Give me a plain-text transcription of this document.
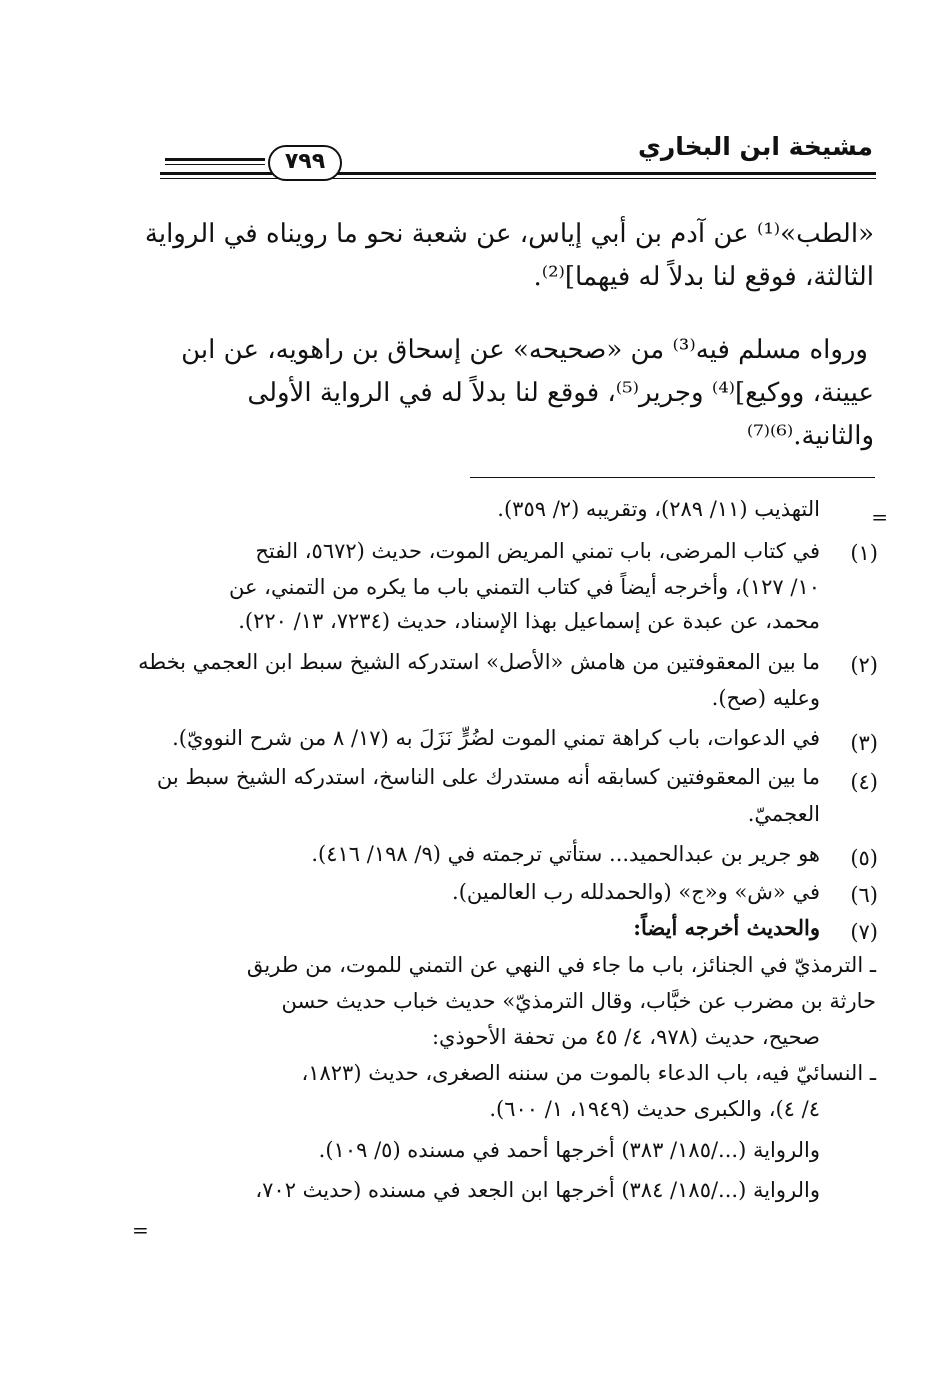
مشيخة ابن البخاري
٧٩٩
«الطب»⁽¹⁾ عن آدم بن أبي إياس، عن شعبة نحو ما رويناه في الرواية
الثالثة، فوقع لنا بدلاً له فيهما]⁽²⁾.
ورواه مسلم فيه⁽³⁾ من «صحيحه» عن إسحاق بن راهويه، عن ابن
عيينة، ووكيع]⁽⁴⁾ وجرير⁽⁵⁾، فوقع لنا بدلاً له في الرواية الأولى
والثانية.⁽⁶⁾⁽⁷⁾
=
التهذيب (١١/ ٢٨٩)، وتقريبه (٢/ ٣٥٩).
(١)
في كتاب المرضى، باب تمني المريض الموت، حديث (٥٦٧٢، الفتح
١٠/ ١٢٧)، وأخرجه أيضاً في كتاب التمني باب ما يكره من التمني، عن
محمد، عن عبدة عن إسماعيل بهذا الإسناد، حديث (٧٢٣٤، ١٣/ ٢٢٠).
(٢)
ما بين المعقوفتين من هامش «الأصل» استدركه الشيخ سبط ابن العجمي بخطه
وعليه (صح).
(٣)
في الدعوات، باب كراهة تمني الموت لضُرٍّ نَزَلَ به (١٧/ ٨ من شرح النوويّ).
(٤)
ما بين المعقوفتين كسابقه أنه مستدرك على الناسخ، استدركه الشيخ سبط بن
العجميّ.
(٥)
هو جرير بن عبدالحميد... ستأتي ترجمته في (٩/ ١٩٨/ ٤١٦).
(٦)
في «ش» و«ج» (والحمدلله رب العالمين).
(٧)
والحديث أخرجه أيضاً:
ـ الترمذيّ في الجنائز، باب ما جاء في النهي عن التمني للموت، من طريق
حارثة بن مضرب عن خبَّاب، وقال الترمذيّ» حديث خباب حديث حسن
صحيح، حديث (٩٧٨، ٤/ ٤٥ من تحفة الأحوذي:
ـ النسائيّ فيه، باب الدعاء بالموت من سننه الصغرى، حديث (١٨٢٣،
٤/ ٤)، والكبرى حديث (١٩٤٩، ١/ ٦٠٠).
والرواية (.../١٨٥/ ٣٨٣) أخرجها أحمد في مسنده (٥/ ١٠٩).
والرواية (.../١٨٥/ ٣٨٤) أخرجها ابن الجعد في مسنده (حديث ٧٠٢،
=
